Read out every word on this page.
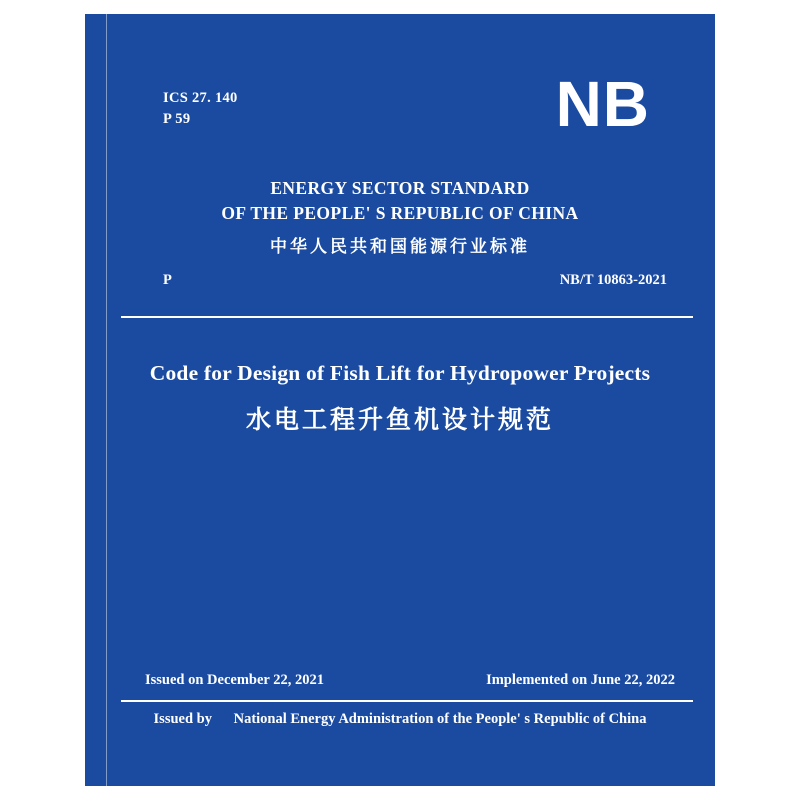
ICS 27. 140
P 59	NB
ENERGY SECTOR STANDARD
OF THE PEOPLE' S REPUBLIC OF CHINA
中华人民共和国能源行业标准
P	NB/T 10863-2021
Code for Design of Fish Lift for Hydropower Projects
水电工程升鱼机设计规范
Issued on December 22, 2021	Implemented on June 22, 2022
Issued by National Energy Administration of the People' s Republic of China
